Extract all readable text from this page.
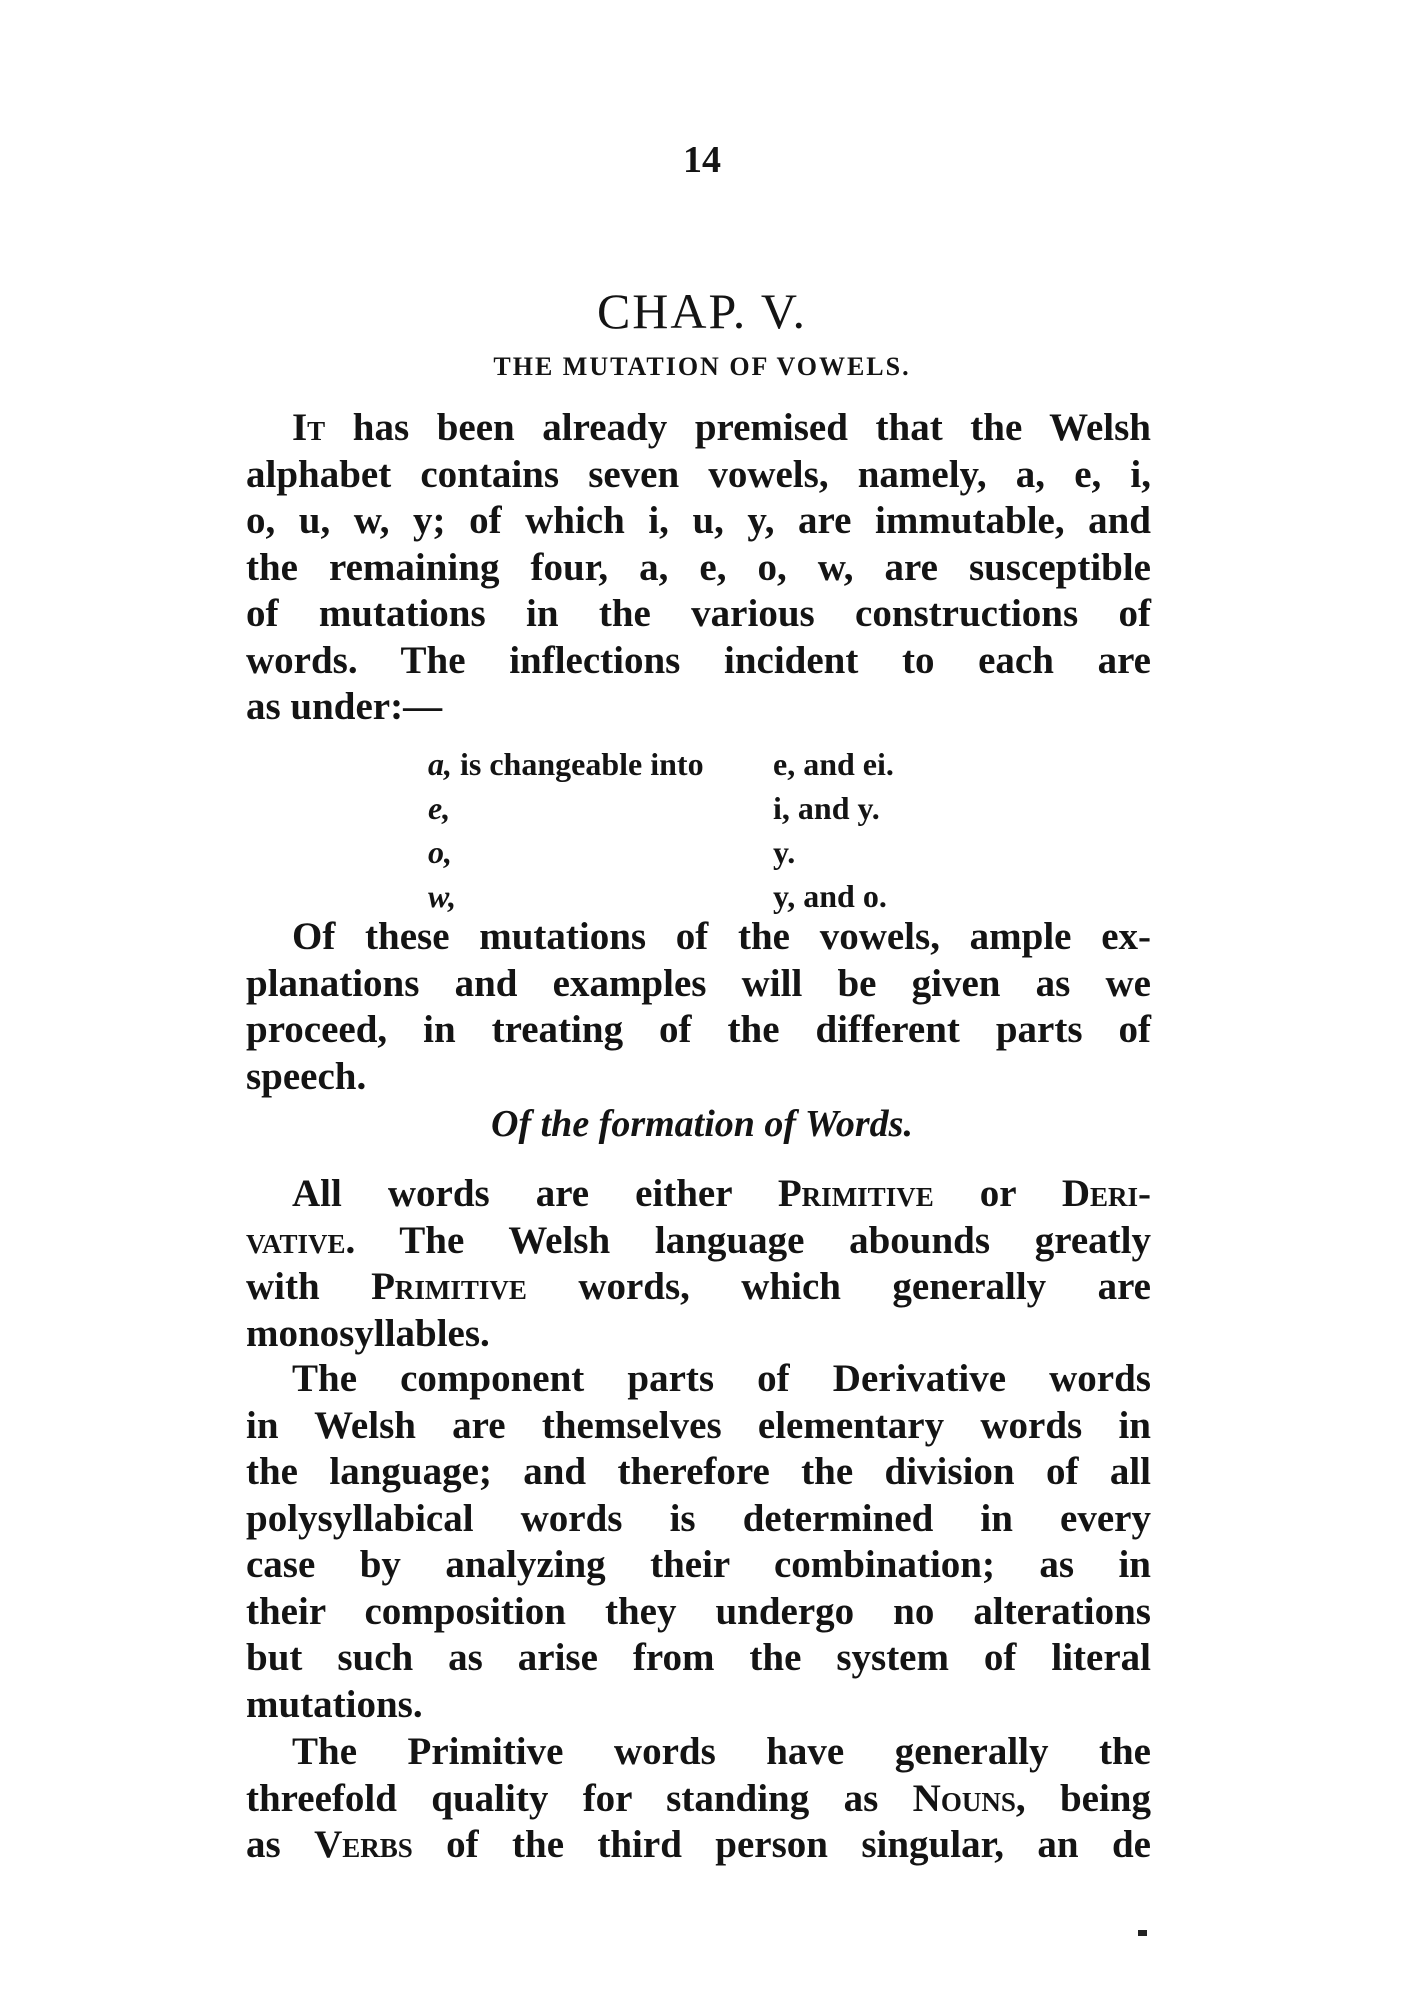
14
CHAP. V.
THE MUTATION OF VOWELS.
It has been already premised that the Welsh
alphabet contains seven vowels, namely, a, e, i,
o, u, w, y; of which i, u, y, are immutable, and
the remaining four, a, e, o, w, are susceptible
of mutations in the various constructions of
words. The inflections incident to each are
as under:—
a, is changeable into	e, and ei.
e,	i, and y.
o,	y.
w,	y, and o.
Of these mutations of the vowels, ample ex-
planations and examples will be given as we
proceed, in treating of the different parts of
speech.
Of the formation of Words.
All words are either Primitive or Deri-
vative. The Welsh language abounds greatly
with Primitive words, which generally are
monosyllables.
The component parts of Derivative words
in Welsh are themselves elementary words in
the language; and therefore the division of all
polysyllabical words is determined in every
case by analyzing their combination; as in
their composition they undergo no alterations
but such as arise from the system of literal
mutations.
The Primitive words have generally the
threefold quality for standing as Nouns, being
as Verbs of the third person singular, an de
